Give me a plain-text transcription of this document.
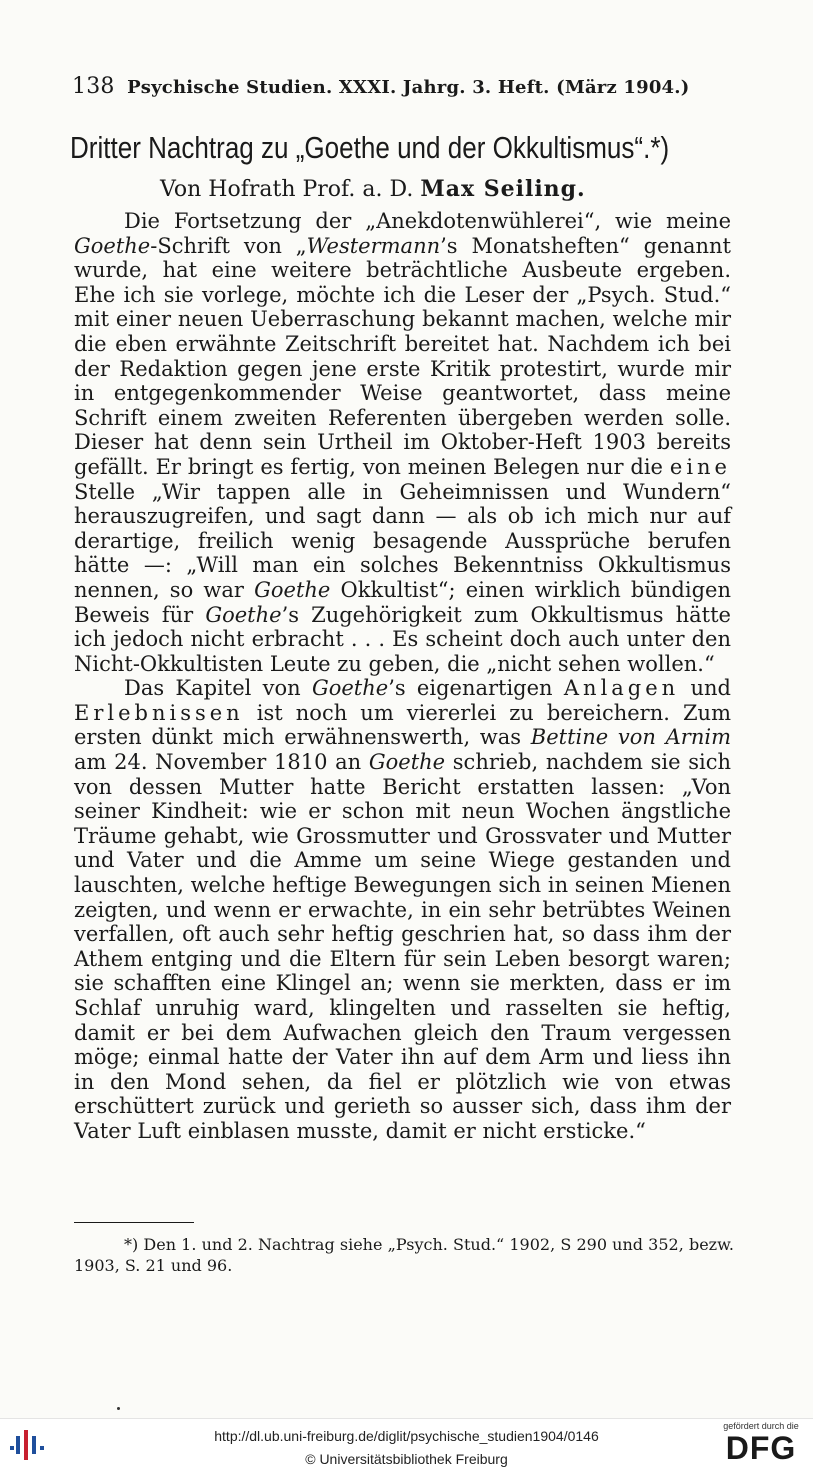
138 Psychische Studien. XXXI. Jahrg. 3. Heft. (März 1904.)
Dritter Nachtrag zu „Goethe und der Okkultismus“.*)
Von Hofrath Prof. a. D. Max Seiling.

Die Fortsetzung der „Anekdotenwühlerei“, wie meine Goethe-Schrift von „Westermann’s Monatsheften“ genannt wurde, hat eine weitere beträchtliche Ausbeute ergeben. Ehe ich sie vorlege, möchte ich die Leser der „Psych. Stud.“ mit einer neuen Ueberraschung bekannt machen, welche mir die eben erwähnte Zeitschrift bereitet hat. Nachdem ich bei der Redaktion gegen jene erste Kritik protestirt, wurde mir in entgegenkommender Weise geantwortet, dass meine Schrift einem zweiten Referenten übergeben werden solle. Dieser hat denn sein Urtheil im Oktober-Heft 1903 bereits gefällt. Er bringt es fertig, von meinen Belegen nur die eine Stelle „Wir tappen alle in Geheimnissen und Wundern“ herauszugreifen, und sagt dann — als ob ich mich nur auf derartige, freilich wenig besagende Aussprüche berufen hätte —: „Will man ein solches Bekenntniss Okkultismus nennen, so war Goethe Okkultist“; einen wirklich bündigen Beweis für Goethe’s Zugehörigkeit zum Okkultismus hätte ich jedoch nicht erbracht . . . Es scheint doch auch unter den Nicht-Okkultisten Leute zu geben, die „nicht sehen wollen.“

Das Kapitel von Goethe’s eigenartigen Anlagen und Erlebnissen ist noch um viererlei zu bereichern. Zum ersten dünkt mich erwähnenswerth, was Bettine von Arnim am 24. November 1810 an Goethe schrieb, nachdem sie sich von dessen Mutter hatte Bericht erstatten lassen: „Von seiner Kindheit: wie er schon mit neun Wochen ängstliche Träume gehabt, wie Grossmutter und Grossvater und Mutter und Vater und die Amme um seine Wiege gestanden und lauschten, welche heftige Bewegungen sich in seinen Mienen zeigten, und wenn er erwachte, in ein sehr betrübtes Weinen verfallen, oft auch sehr heftig geschrien hat, so dass ihm der Athem entging und die Eltern für sein Leben besorgt waren; sie schafften eine Klingel an; wenn sie merkten, dass er im Schlaf unruhig ward, klingelten und rasselten sie heftig, damit er bei dem Aufwachen gleich den Traum vergessen möge; einmal hatte der Vater ihn auf dem Arm und liess ihn in den Mond sehen, da fiel er plötzlich wie von etwas erschüttert zurück und gerieth so ausser sich, dass ihm der Vater Luft einblasen musste, damit er nicht ersticke.“

*) Den 1. und 2. Nachtrag siehe „Psych. Stud.“ 1902, S 290 und 352, bezw. 1903, S. 21 und 96.

http://dl.ub.uni-freiburg.de/diglit/psychische_studien1904/0146
© Universitätsbibliothek Freiburg
gefördert durch die
DFG
